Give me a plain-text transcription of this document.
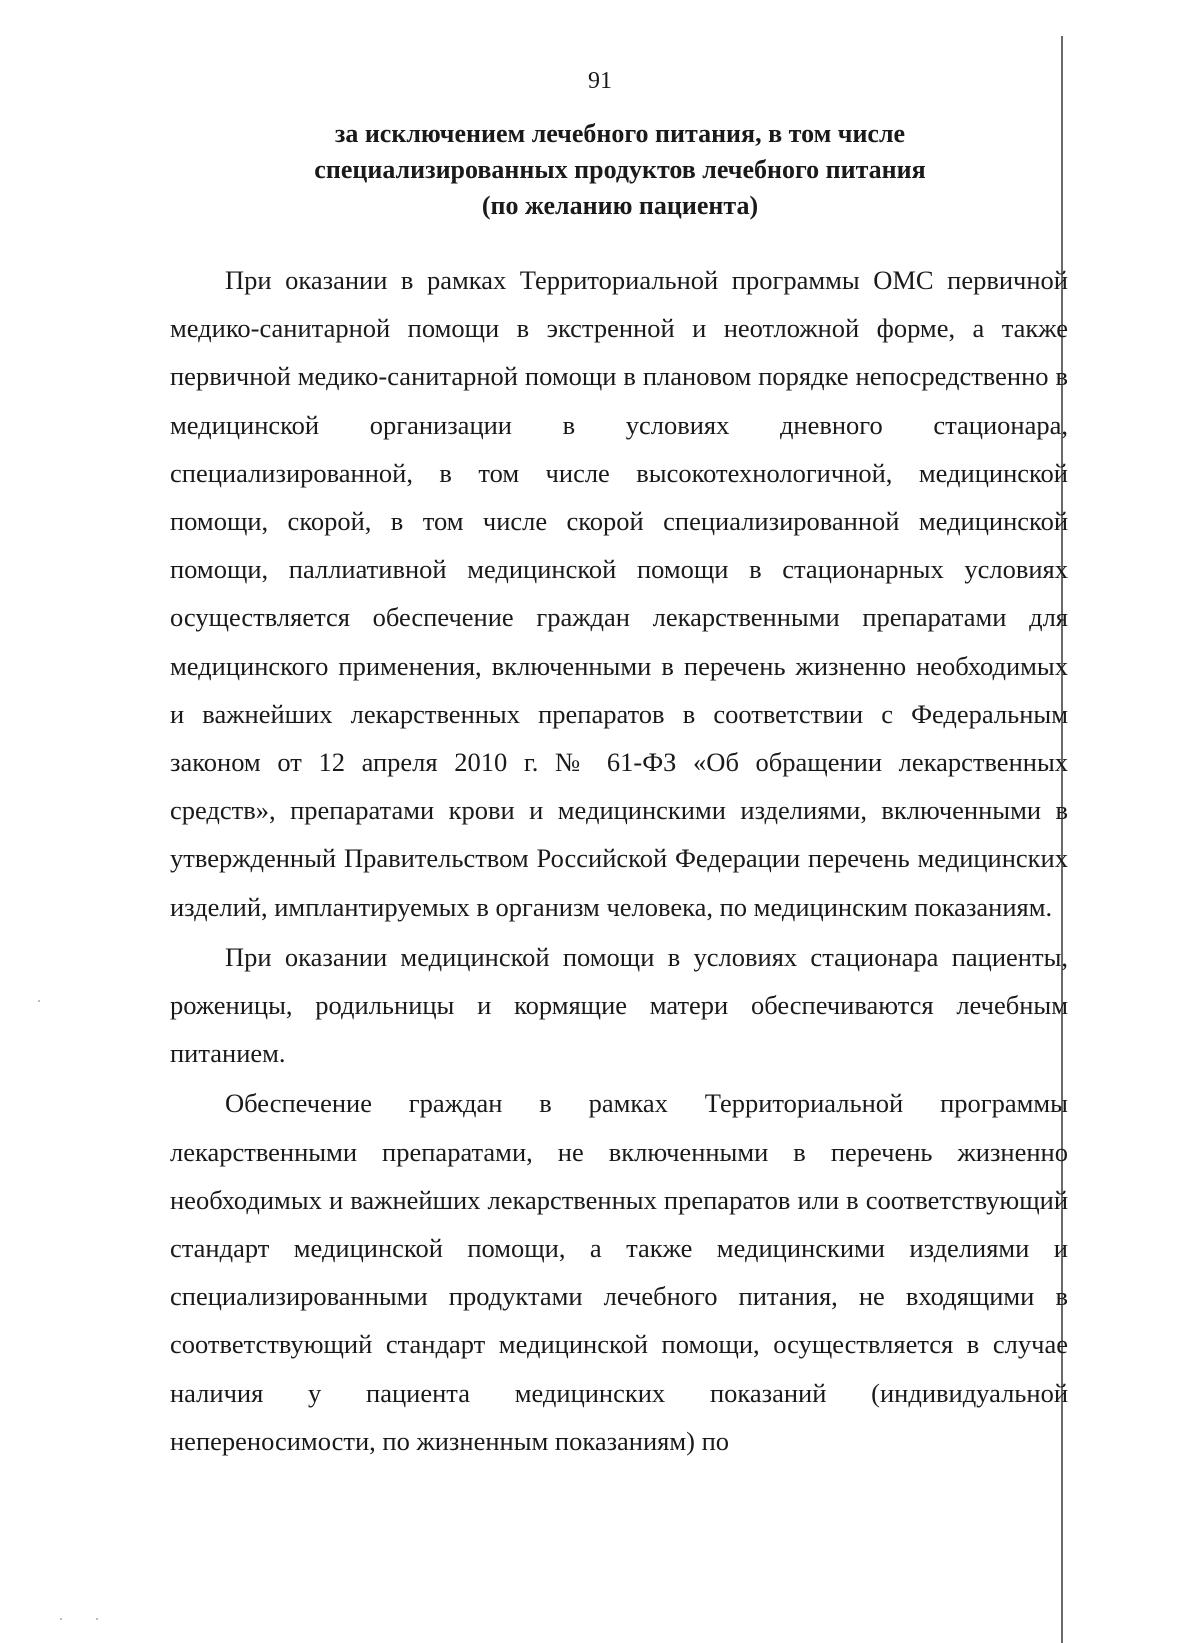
91
за исключением лечебного питания, в том числе
специализированных продуктов лечебного питания
(по желанию пациента)

При оказании в рамках Территориальной программы ОМС первичной медико-санитарной помощи в экстренной и неотложной форме, а также первичной медико-санитарной помощи в плановом порядке непосредственно в медицинской организации в условиях дневного стационара, специализированной, в том числе высокотехнологичной, медицинской помощи, скорой, в том числе скорой специализированной медицинской помощи, паллиативной медицинской помощи в стационарных условиях осуществляется обеспечение граждан лекарственными препаратами для медицинского применения, включенными в перечень жизненно необходимых и важнейших лекарственных препаратов в соответствии с Федеральным законом от 12 апреля 2010 г. № 61-ФЗ «Об обращении лекарственных средств», препаратами крови и медицинскими изделиями, включенными в утвержденный Правительством Российской Федерации перечень медицинских изделий, имплантируемых в организм человека, по медицинским показаниям.

При оказании медицинской помощи в условиях стационара пациенты, роженицы, родильницы и кормящие матери обеспечиваются лечебным питанием.

Обеспечение граждан в рамках Территориальной программы лекарственными препаратами, не включенными в перечень жизненно необходимых и важнейших лекарственных препаратов или в соответствующий стандарт медицинской помощи, а также медицинскими изделиями и специализированными продуктами лечебного питания, не входящими в соответствующий стандарт медицинской помощи, осуществляется в случае наличия у пациента медицинских показаний (индивидуальной непереносимости, по жизненным показаниям) по
